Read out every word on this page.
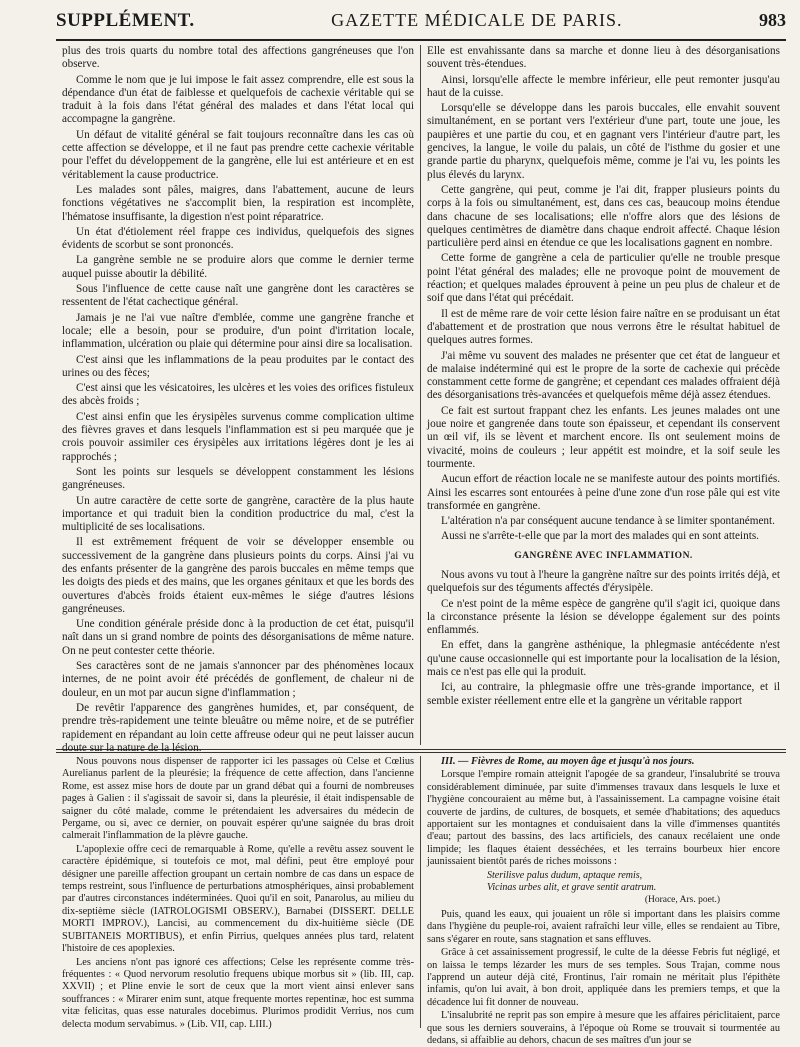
SUPPLÉMENT.	GAZETTE MÉDICALE DE PARIS.	983

plus des trois quarts du nombre total des affections gangréneuses que l'on observe.

Comme le nom que je lui impose le fait assez comprendre, elle est sous la dépendance d'un état de faiblesse et quelquefois de cachexie véritable qui se traduit à la fois dans l'état général des malades et dans l'état local qui accompagne la gangrène.

Un défaut de vitalité général se fait toujours reconnaître dans les cas où cette affection se développe, et il ne faut pas prendre cette cachexie véritable pour l'effet du développement de la gangrène, elle lui est antérieure et en est véritablement la cause productrice.

Les malades sont pâles, maigres, dans l'abattement, aucune de leurs fonctions végétatives ne s'accomplit bien, la respiration est incomplète, l'hématose insuffisante, la digestion n'est point réparatrice.

Un état d'étiolement réel frappe ces individus, quelquefois des signes évidents de scorbut se sont prononcés.

La gangrène semble ne se produire alors que comme le dernier terme auquel puisse aboutir la débilité.

Sous l'influence de cette cause naît une gangrène dont les caractères se ressentent de l'état cachectique général.

Jamais je ne l'ai vue naître d'emblée, comme une gangrène franche et locale; elle a besoin, pour se produire, d'un point d'irritation locale, inflammation, ulcération ou plaie qui détermine pour ainsi dire sa localisation.

C'est ainsi que les inflammations de la peau produites par le contact des urines ou des fèces;

C'est ainsi que les vésicatoires, les ulcères et les voies des orifices fistuleux des abcès froids ;

C'est ainsi enfin que les érysipèles survenus comme complication ultime des fièvres graves et dans lesquels l'inflammation est si peu marquée que je crois pouvoir assimiler ces érysipèles aux irritations légères dont je les ai rapprochés ;

Sont les points sur lesquels se développent constamment les lésions gangréneuses.

Un autre caractère de cette sorte de gangrène, caractère de la plus haute importance et qui traduit bien la condition productrice du mal, c'est la multiplicité de ses localisations.

Il est extrêmement fréquent de voir se développer ensemble ou successivement de la gangrène dans plusieurs points du corps. Ainsi j'ai vu des enfants présenter de la gangrène des parois buccales en même temps que les doigts des pieds et des mains, que les organes génitaux et que les bords des ouvertures d'abcès froids étaient eux-mêmes le siége d'autres lésions gangréneuses.

Une condition générale préside donc à la production de cet état, puisqu'il naît dans un si grand nombre de points des désorganisations de même nature. On ne peut contester cette théorie.

Ses caractères sont de ne jamais s'annoncer par des phénomènes locaux internes, de ne point avoir été précédés de gonflement, de chaleur ni de douleur, en un mot par aucun signe d'inflammation ;

De revêtir l'apparence des gangrènes humides, et, par conséquent, de prendre très-rapidement une teinte bleuâtre ou même noire, et de se putréfier rapidement en répandant au loin cette affreuse odeur qui ne peut laisser aucun doute sur la nature de la lésion.

Elle est envahissante dans sa marche et donne lieu à des désorganisations souvent très-étendues.

Ainsi, lorsqu'elle affecte le membre inférieur, elle peut remonter jusqu'au haut de la cuisse.

Lorsqu'elle se développe dans les parois buccales, elle envahit souvent simultanément, en se portant vers l'extérieur d'une part, toute une joue, les paupières et une partie du cou, et en gagnant vers l'intérieur d'autre part, les gencives, la langue, le voile du palais, un côté de l'isthme du gosier et une grande partie du pharynx, quelquefois même, comme je l'ai vu, les points les plus élevés du larynx.

Cette gangrène, qui peut, comme je l'ai dit, frapper plusieurs points du corps à la fois ou simultanément, est, dans ces cas, beaucoup moins étendue dans chacune de ses localisations; elle n'offre alors que des lésions de quelques centimètres de diamètre dans chaque endroit affecté. Chaque lésion particulière perd ainsi en étendue ce que les localisations gagnent en nombre.

Cette forme de gangrène a cela de particulier qu'elle ne trouble presque point l'état général des malades; elle ne provoque point de mouvement de réaction; et quelques malades éprouvent à peine un peu plus de chaleur et de soif que dans l'état qui précédait.

Il est de même rare de voir cette lésion faire naître en se produisant un état d'abattement et de prostration que nous verrons être le résultat habituel de quelques autres formes.

J'ai même vu souvent des malades ne présenter que cet état de langueur et de malaise indéterminé qui est le propre de la sorte de cachexie qui précède constamment cette forme de gangrène; et cependant ces malades offraient déjà des désorganisations très-avancées et quelquefois même déjà assez étendues.

Ce fait est surtout frappant chez les enfants. Les jeunes malades ont une joue noire et gangrenée dans toute son épaisseur, et cependant ils conservent un œil vif, ils se lèvent et marchent encore. Ils ont seulement moins de vivacité, moins de couleurs ; leur appétit est moindre, et la soif seule les tourmente.

Aucun effort de réaction locale ne se manifeste autour des points mortifiés. Ainsi les escarres sont entourées à peine d'une zone d'un rose pâle qui est vite transformée en gangrène.

L'altération n'a par conséquent aucune tendance à se limiter spontanément.

Aussi ne s'arrête-t-elle que par la mort des malades qui en sont atteints.

GANGRÈNE AVEC INFLAMMATION.

Nous avons vu tout à l'heure la gangrène naître sur des points irrités déjà, et quelquefois sur des téguments affectés d'érysipèle.

Ce n'est point de la même espèce de gangrène qu'il s'agit ici, quoique dans la circonstance présente la lésion se développe également sur des points enflammés.

En effet, dans la gangrène asthénique, la phlegmasie antécédente n'est qu'une cause occasionnelle qui est importante pour la localisation de la lésion, mais ce n'est pas elle qui la produit.

Ici, au contraire, la phlegmasie offre une très-grande importance, et il semble exister réellement entre elle et la gangrène un véritable rapport

Nous pouvons nous dispenser de rapporter ici les passages où Celse et Cœlius Aurelianus parlent de la pleurésie; la fréquence de cette affection, dans l'ancienne Rome, est assez mise hors de doute par un grand débat qui a fourni de nombreuses pages à Galien : il s'agissait de savoir si, dans la pleurésie, il était indispensable de saigner du côté malade, comme le prétendaient les adversaires du médecin de Pergame, ou si, avec ce dernier, on pouvait espérer qu'une saignée du bras droit calmerait l'inflammation de la plèvre gauche.

L'apoplexie offre ceci de remarquable à Rome, qu'elle a revêtu assez souvent le caractère épidémique, si toutefois ce mot, mal défini, peut être employé pour désigner une pareille affection groupant un certain nombre de cas dans un espace de temps restreint, sous l'influence de perturbations atmosphériques, ainsi probablement par d'autres circonstances indéterminées. Quoi qu'il en soit, Panarolus, au milieu du dix-septième siècle (IATROLOGISMI OBSERV.), Barnabei (DISSERT. DELLE MORTI IMPROV.), Lancisi, au commencement du dix-huitième siècle (DE SUBITANEIS MORTIBUS), et enfin Pirrius, quelques années plus tard, relatent l'histoire de ces apoplexies.

Les anciens n'ont pas ignoré ces affections; Celse les représente comme très-fréquentes : « Quod nervorum resolutio frequens ubique morbus sit » (lib. III, cap. XXVII) ; et Pline envie le sort de ceux que la mort vient ainsi enlever sans souffrances : « Mirarer enim sunt, atque frequente mortes repentinæ, hoc est summa vitæ felicitas, quas esse naturales docebimus. Plurimos prodidit Verrius, nos cum delecta modum servabimus. » (Lib. VII, cap. LIII.)

III. — Fièvres de Rome, au moyen âge et jusqu'à nos jours.

Lorsque l'empire romain atteignit l'apogée de sa grandeur, l'insalubrité se trouva considérablement diminuée, par suite d'immenses travaux dans lesquels le luxe et l'hygiène concouraient au même but, à l'assainissement. La campagne voisine était couverte de jardins, de cultures, de bosquets, et semée d'habitations; des aqueducs apportaient sur les montagnes et conduisaient dans la ville d'immenses quantités d'eau; partout des bassins, des lacs artificiels, des canaux recélaient une onde limpide; les flaques étaient desséchées, et les terrains bourbeux hier encore jaunissaient bientôt parés de riches moissons :

Sterilisve palus dudum, aptaque remis,

Vicinas urbes alit, et grave sentit aratrum.

(Horace, Ars. poet.)

Puis, quand les eaux, qui jouaient un rôle si important dans les plaisirs comme dans l'hygiène du peuple-roi, avaient rafraîchi leur ville, elles se rendaient au Tibre, sans s'égarer en route, sans stagnation et sans effluves.

Grâce à cet assainissement progressif, le culte de la déesse Febris fut négligé, et on laissa le temps lézarder les murs de ses temples. Sous Trajan, comme nous l'apprend un auteur déjà cité, Frontinus, l'air romain ne méritait plus l'épithète infamis, qu'on lui avait, à bon droit, appliquée dans les premiers temps, et que la décadence lui fit donner de nouveau.

L'insalubrité ne reprit pas son empire à mesure que les affaires périclitaient, parce que sous les derniers souverains, à l'époque où Rome se trouvait si tourmentée au dedans, si affaiblie au dehors, chacun de ses maîtres d'un jour se
